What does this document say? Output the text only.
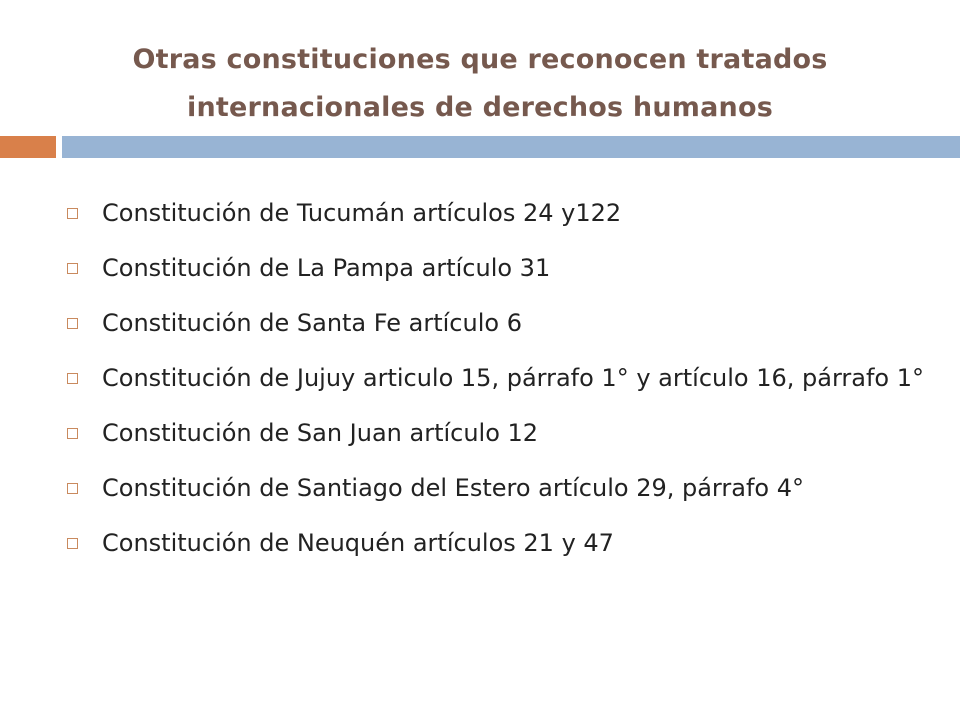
Otras constituciones que reconocen tratados
internacionales de derechos humanos
Constitución de Tucumán artículos 24 y122
Constitución de La Pampa artículo 31
Constitución de Santa Fe artículo 6
Constitución de Jujuy articulo 15, párrafo 1° y artículo 16, párrafo 1°
Constitución de San Juan artículo 12
Constitución de Santiago del Estero artículo 29, párrafo 4°
Constitución de Neuquén artículos 21 y 47
